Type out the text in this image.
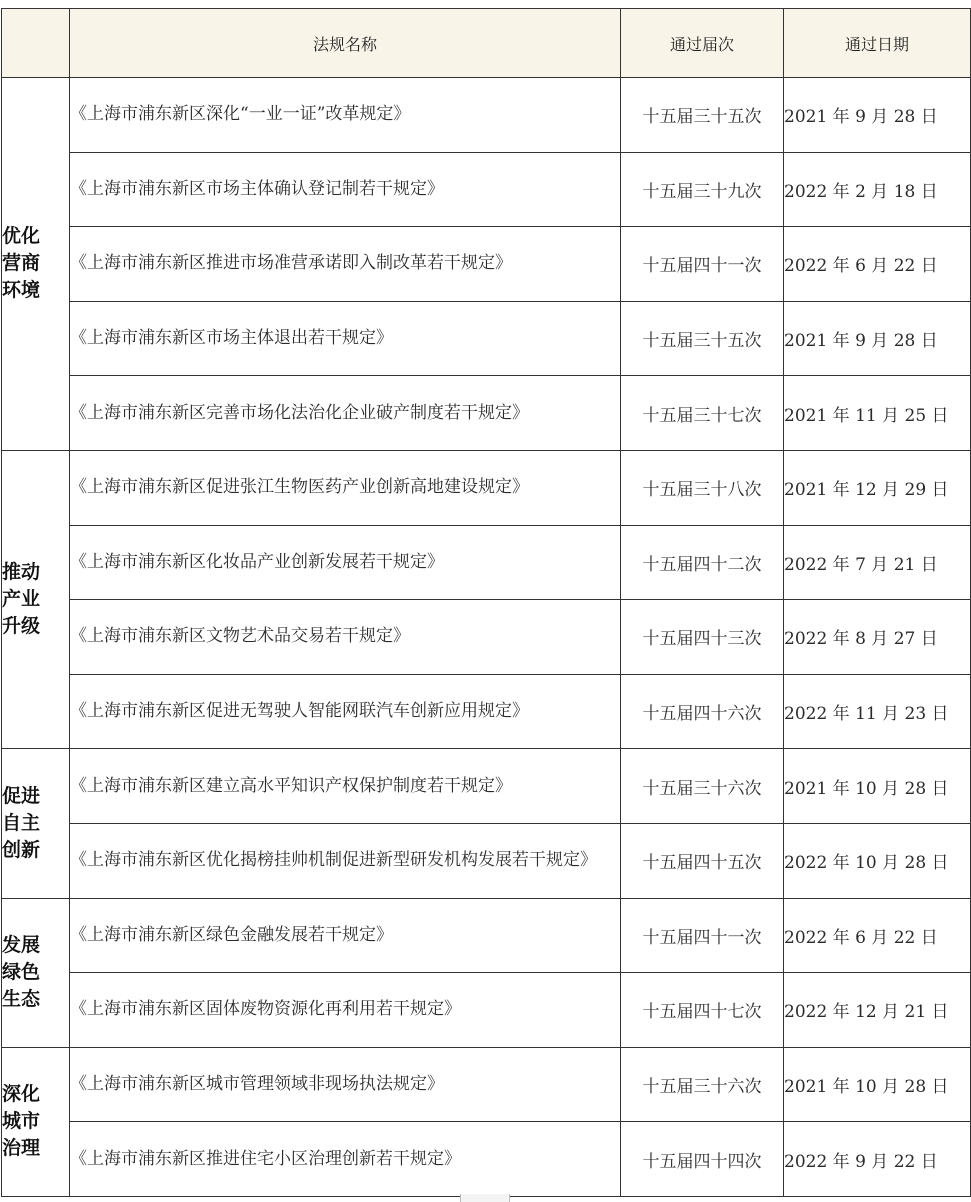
	法规名称	通过届次	通过日期

优化营商环境	《上海市浦东新区深化“一业一证”改革规定》	十五届三十五次	2021 年 9 月 28 日
	《上海市浦东新区市场主体确认登记制若干规定》	十五届三十九次	2022 年 2 月 18 日
	《上海市浦东新区推进市场准营承诺即入制改革若干规定》	十五届四十一次	2022 年 6 月 22 日
	《上海市浦东新区市场主体退出若干规定》	十五届三十五次	2021 年 9 月 28 日
	《上海市浦东新区完善市场化法治化企业破产制度若干规定》	十五届三十七次	2021 年 11 月 25 日

推动产业升级	《上海市浦东新区促进张江生物医药产业创新高地建设规定》	十五届三十八次	2021 年 12 月 29 日
	《上海市浦东新区化妆品产业创新发展若干规定》	十五届四十二次	2022 年 7 月 21 日
	《上海市浦东新区文物艺术品交易若干规定》	十五届四十三次	2022 年 8 月 27 日
	《上海市浦东新区促进无驾驶人智能网联汽车创新应用规定》	十五届四十六次	2022 年 11 月 23 日

促进自主创新	《上海市浦东新区建立高水平知识产权保护制度若干规定》	十五届三十六次	2021 年 10 月 28 日
	《上海市浦东新区优化揭榜挂帅机制促进新型研发机构发展若干规定》	十五届四十五次	2022 年 10 月 28 日

发展绿色生态	《上海市浦东新区绿色金融发展若干规定》	十五届四十一次	2022 年 6 月 22 日
	《上海市浦东新区固体废物资源化再利用若干规定》	十五届四十七次	2022 年 12 月 21 日

深化城市治理	《上海市浦东新区城市管理领域非现场执法规定》	十五届三十六次	2021 年 10 月 28 日
	《上海市浦东新区推进住宅小区治理创新若干规定》	十五届四十四次	2022 年 9 月 22 日
